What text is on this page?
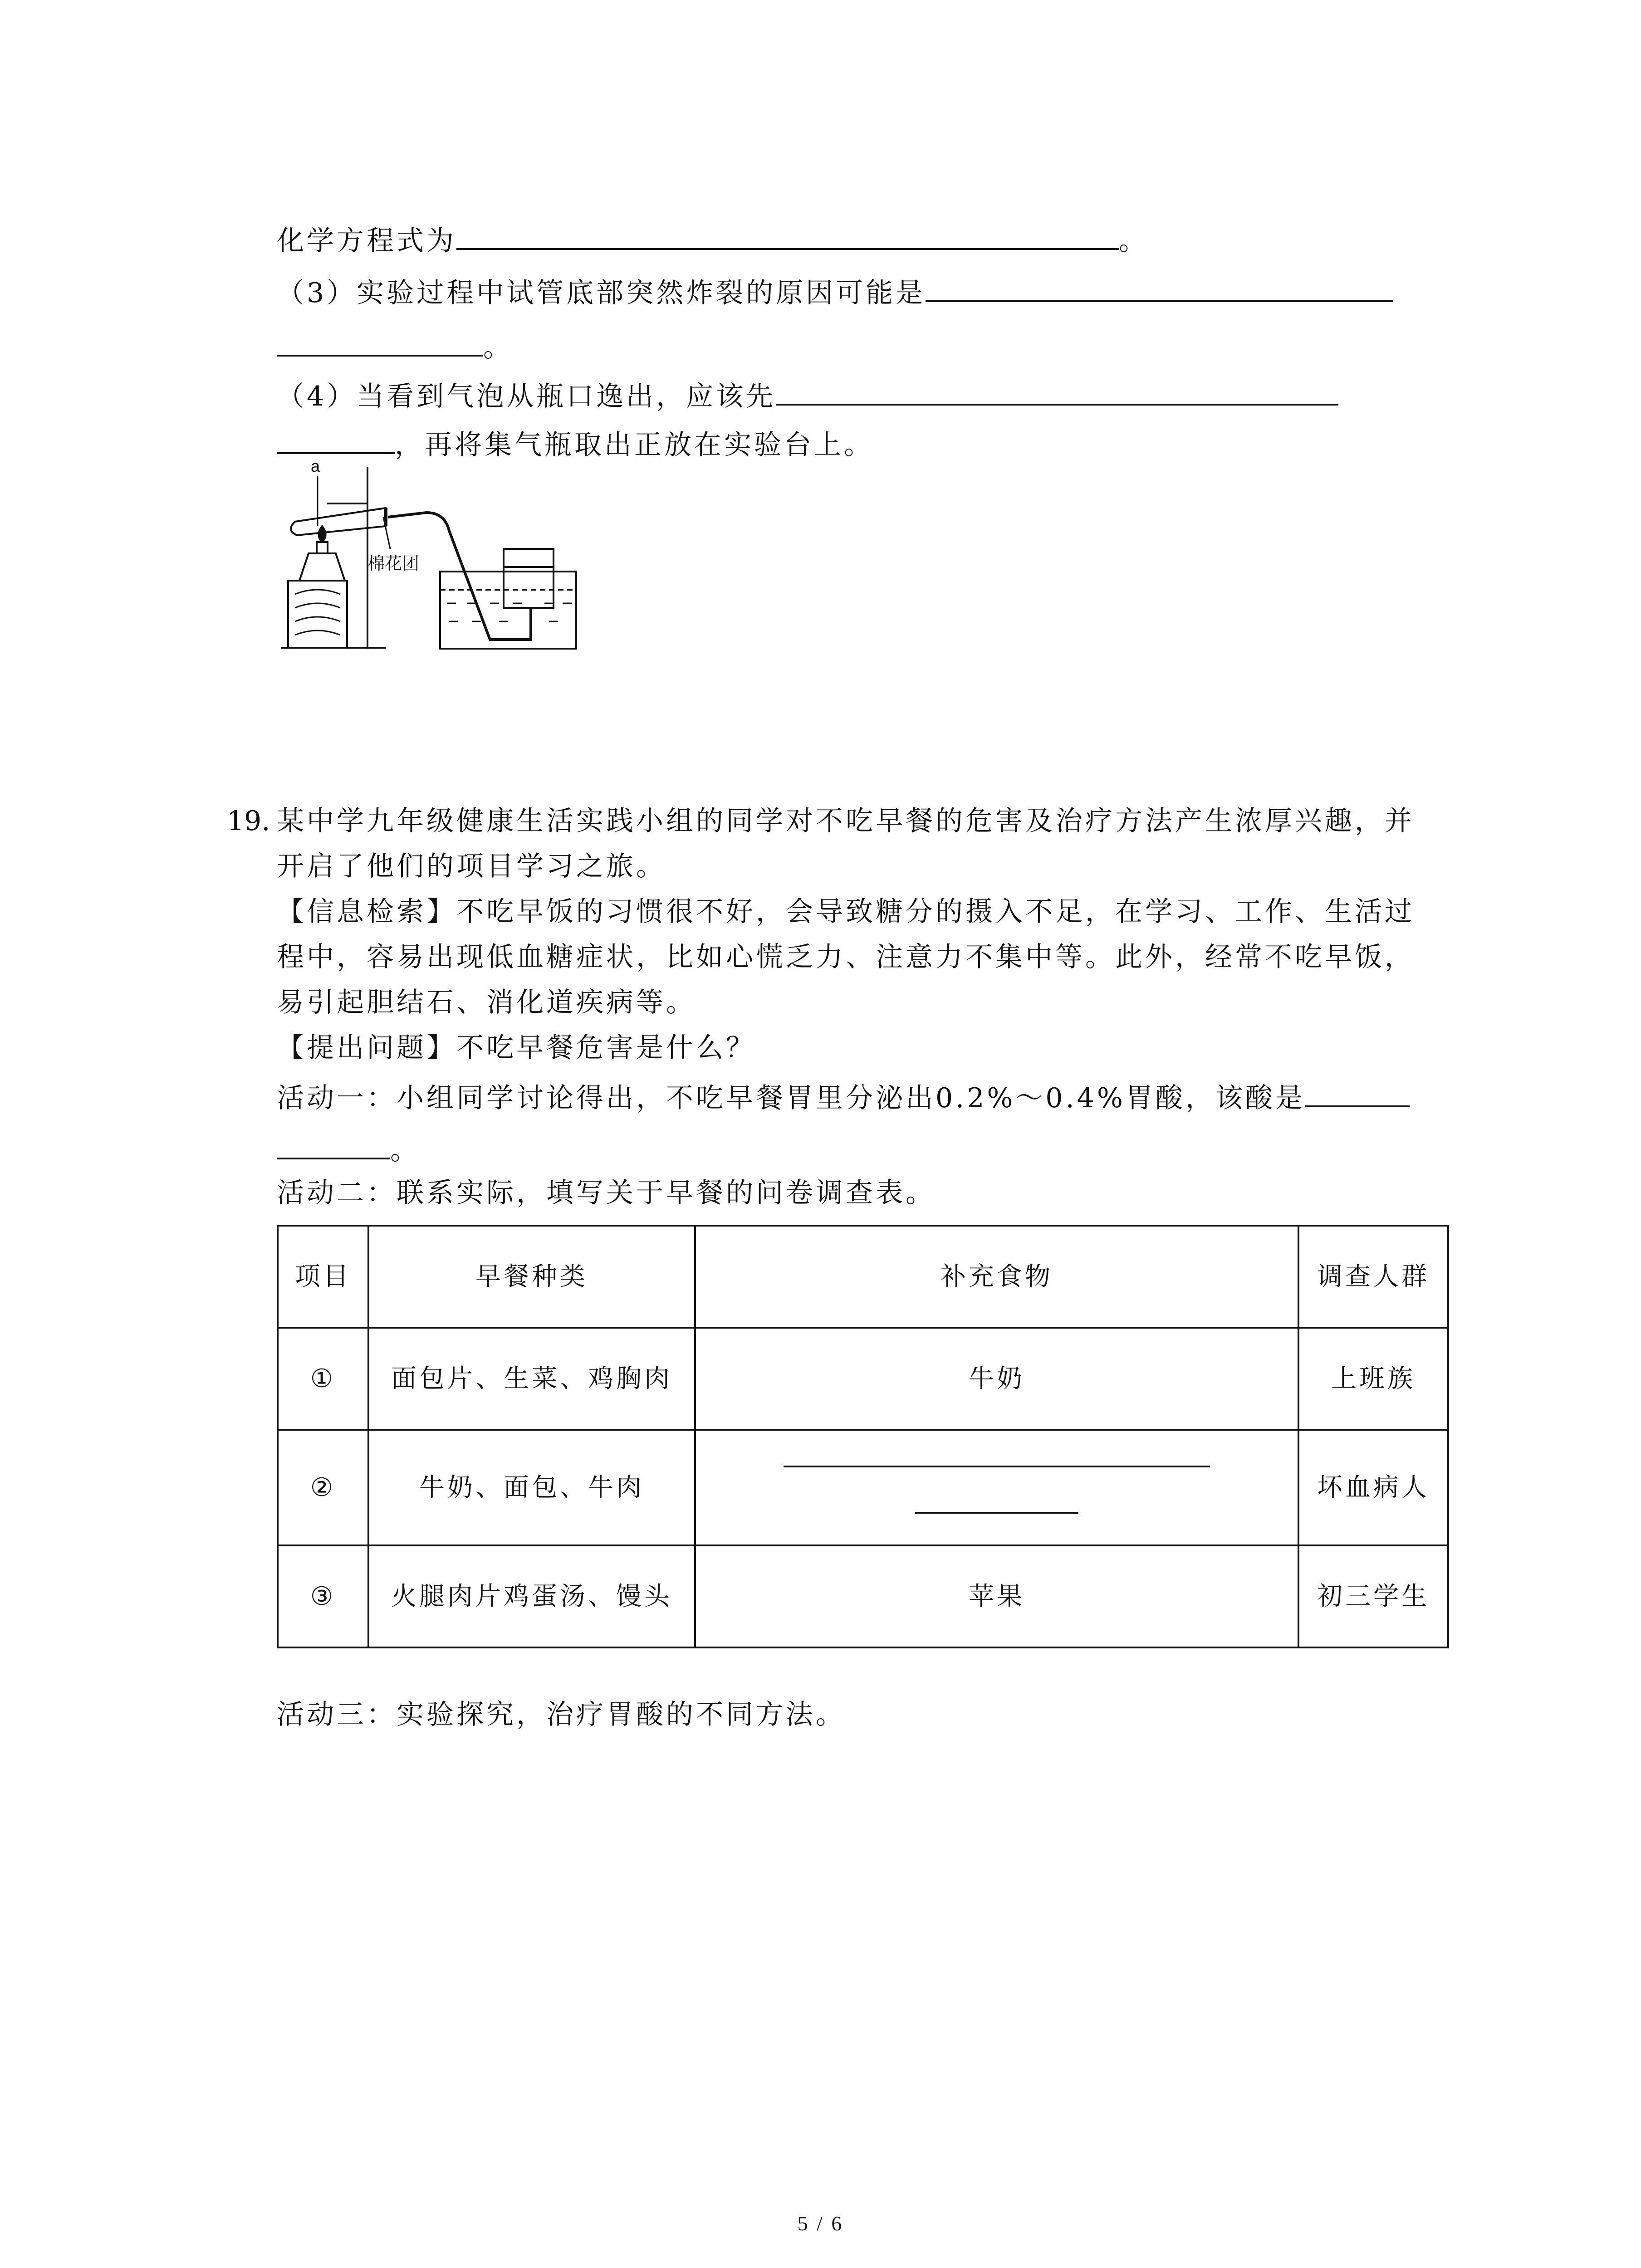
化学方程式为	。
（3）实验过程中试管底部突然炸裂的原因可能是
。
（4）当看到气泡从瓶口逸出，应该先
，再将集气瓶取出正放在实验台上。
a
棉花团
19. 某中学九年级健康生活实践小组的同学对不吃早餐的危害及治疗方法产生浓厚兴趣，并
开启了他们的项目学习之旅。
【信息检索】不吃早饭的习惯很不好，会导致糖分的摄入不足，在学习、工作、生活过
程中，容易出现低血糖症状，比如心慌乏力、注意力不集中等。此外，经常不吃早饭，
易引起胆结石、消化道疾病等。
【提出问题】不吃早餐危害是什么？
活动一：小组同学讨论得出，不吃早餐胃里分泌出0.2%～0.4%胃酸，该酸是
。
活动二：联系实际，填写关于早餐的问卷调查表。
项目	早餐种类	补充食物	调查人群
①	面包片、生菜、鸡胸肉	牛奶	上班族
②	牛奶、面包、牛肉		坏血病人
③	火腿肉片鸡蛋汤、馒头	苹果	初三学生
活动三：实验探究，治疗胃酸的不同方法。
5 / 6
